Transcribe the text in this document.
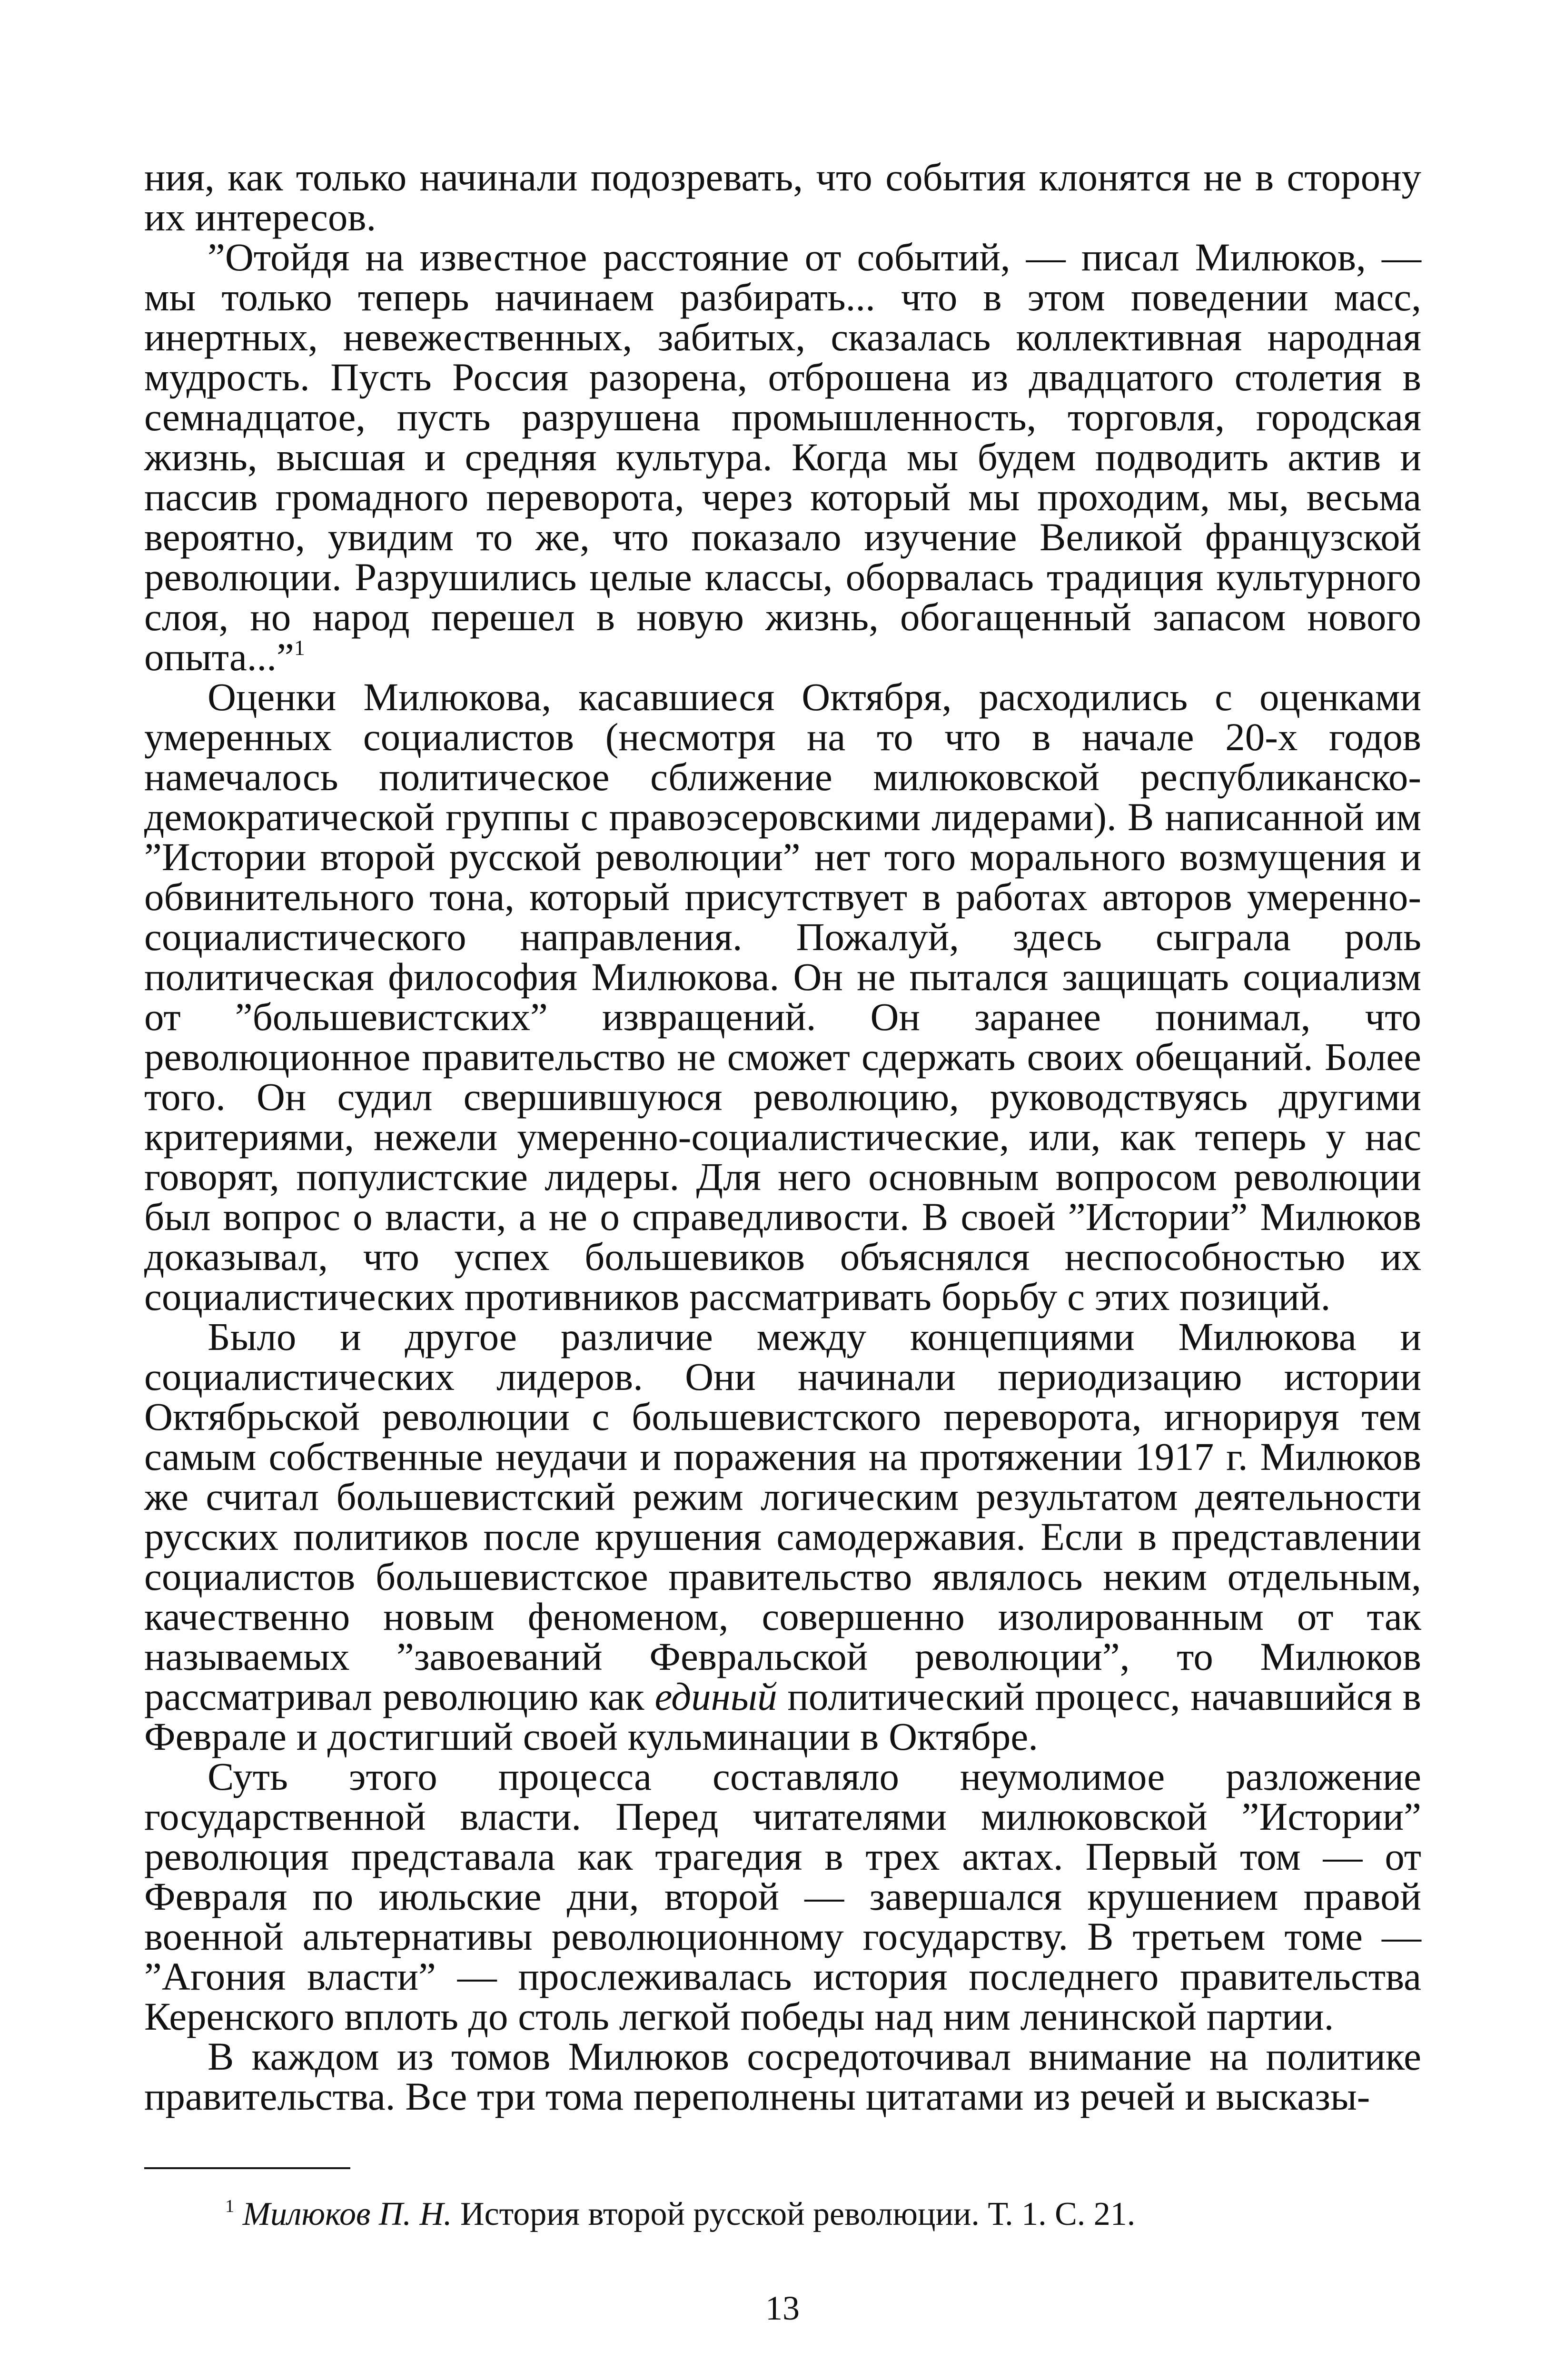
ния, как только начинали подозревать, что события клонятся не в сторону их интересов.

”Отойдя на известное расстояние от событий, — писал Милюков, — мы только теперь начинаем разбирать... что в этом поведении масс, инертных, невежественных, забитых, сказалась коллективная народная мудрость. Пусть Россия разорена, отброшена из двадцатого столетия в семнадцатое, пусть разрушена промышленность, торговля, городская жизнь, высшая и средняя культура. Когда мы будем подводить актив и пассив громадного переворота, через который мы проходим, мы, весьма вероятно, увидим то же, что показало изучение Великой французской революции. Разрушились целые классы, оборвалась традиция культурного слоя, но народ перешел в новую жизнь, обогащенный запасом нового опыта...”$^1$

Оценки Милюкова, касавшиеся Октября, расходились с оценками умеренных социалистов (несмотря на то что в начале 20-х годов намечалось политическое сближение милюковской республиканско-демократической группы с правоэсеровскими лидерами). В написанной им ”Истории второй русской революции” нет того морального возмущения и обвинительного тона, который присутствует в работах авторов умеренно-социалистического направления. Пожалуй, здесь сыграла роль политическая философия Милюкова. Он не пытался защищать социализм от ”большевистских” извращений. Он заранее понимал, что революционное правительство не сможет сдержать своих обещаний. Более того. Он судил свершившуюся революцию, руководствуясь другими критериями, нежели умеренно-социалистические, или, как теперь у нас говорят, популистские лидеры. Для него основным вопросом революции был вопрос о власти, а не о справедливости. В своей ”Истории” Милюков доказывал, что успех большевиков объяснялся неспособностью их социалистических противников рассматривать борьбу с этих позиций.

Было и другое различие между концепциями Милюкова и социалистических лидеров. Они начинали периодизацию истории Октябрьской революции с большевистского переворота, игнорируя тем самым собственные неудачи и поражения на протяжении 1917 г. Милюков же считал большевистский режим логическим результатом деятельности русских политиков после крушения самодержавия. Если в представлении социалистов большевистское правительство являлось неким отдельным, качественно новым феноменом, совершенно изолированным от так называемых ”завоеваний Февральской революции”, то Милюков рассматривал революцию как единый политический процесс, начавшийся в Феврале и достигший своей кульминации в Октябре.

Суть этого процесса составляло неумолимое разложение государственной власти. Перед читателями милюковской ”Истории” революция представала как трагедия в трех актах. Первый том — от Февраля по июльские дни, второй — завершался крушением правой военной альтернативы революционному государству. В третьем томе — ”Агония власти” — прослеживалась история последнего правительства Керенского вплоть до столь легкой победы над ним ленинской партии.

В каждом из томов Милюков сосредоточивал внимание на политике правительства. Все три тома переполнены цитатами из речей и высказы-

$^1$ Милюков П. Н. История второй русской революции. Т. 1. С. 21.
13
